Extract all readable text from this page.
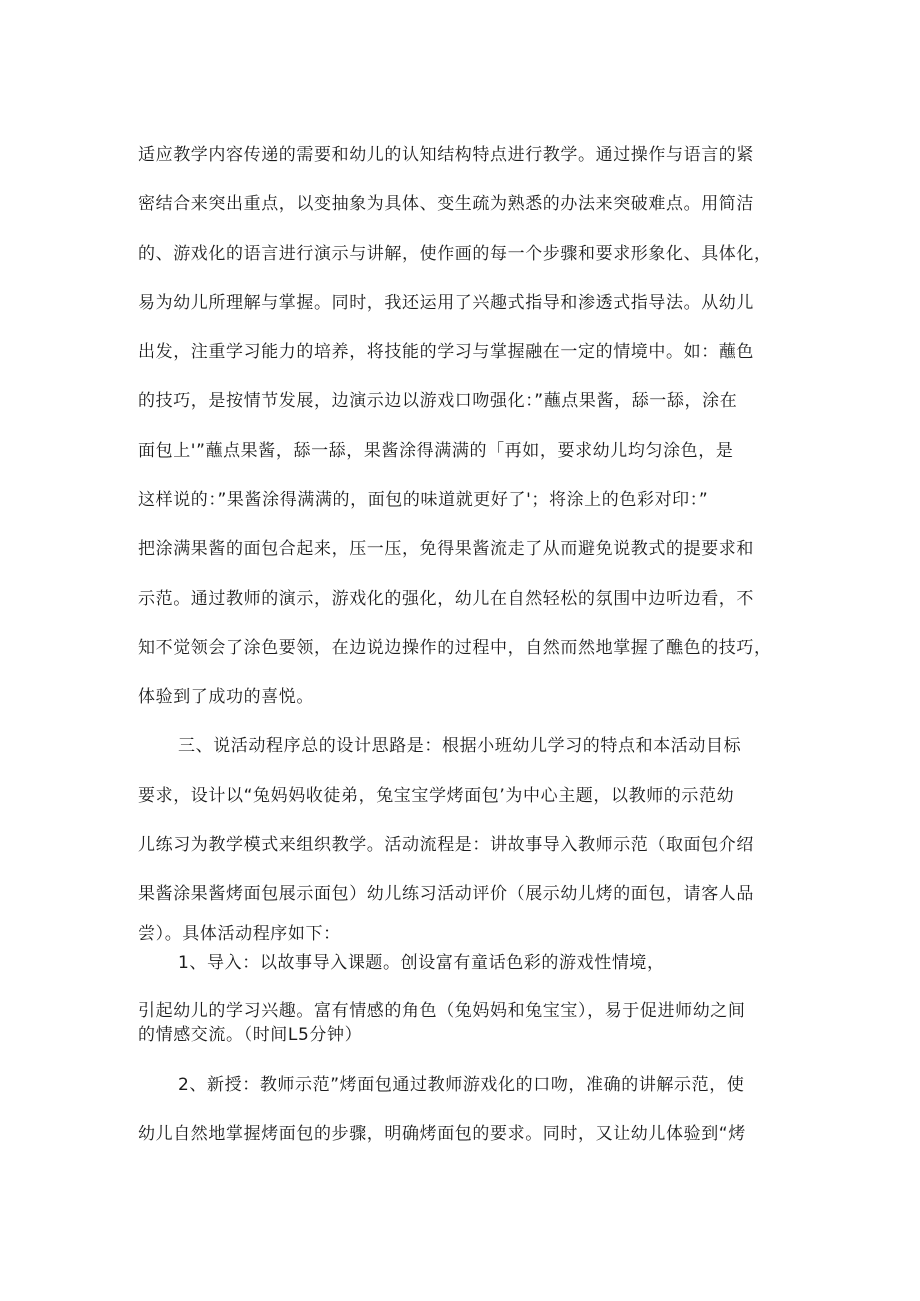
适应教学内容传递的需要和幼儿的认知结构特点进行教学。通过操作与语言的紧
密结合来突出重点，以变抽象为具体、变生疏为熟悉的办法来突破难点。用简洁
的、游戏化的语言进行演示与讲解，使作画的每一个步骤和要求形象化、具体化，
易为幼儿所理解与掌握。同时，我还运用了兴趣式指导和渗透式指导法。从幼儿
出发，注重学习能力的培养，将技能的学习与掌握融在一定的情境中。如：蘸色
的技巧，是按情节发展，边演示边以游戏口吻强化：”蘸点果酱，舔一舔，涂在
面包上'”蘸点果酱，舔一舔，果酱涂得满满的「再如，要求幼儿均匀涂色，是
这样说的：”果酱涂得满满的，面包的味道就更好了'；将涂上的色彩对印：”
把涂满果酱的面包合起来，压一压，免得果酱流走了从而避免说教式的提要求和
示范。通过教师的演示，游戏化的强化，幼儿在自然轻松的氛围中边听边看，不
知不觉领会了涂色要领，在边说边操作的过程中，自然而然地掌握了醮色的技巧，
体验到了成功的喜悦。
三、说活动程序总的设计思路是：根据小班幼儿学习的特点和本活动目标
要求，设计以“兔妈妈收徒弟，兔宝宝学烤面包’为中心主题，以教师的示范幼
儿练习为教学模式来组织教学。活动流程是：讲故事导入教师示范（取面包介绍
果酱涂果酱烤面包展示面包）幼儿练习活动评价（展示幼儿烤的面包，请客人品
尝）。具体活动程序如下：
1、导入：以故事导入课题。创设富有童话色彩的游戏性情境，
引起幼儿的学习兴趣。富有情感的角色（兔妈妈和兔宝宝），易于促进师幼之间
的情感交流。（时间L5分钟）
2、新授：教师示范”烤面包通过教师游戏化的口吻，准确的讲解示范，使
幼儿自然地掌握烤面包的步骤，明确烤面包的要求。同时，又让幼儿体验到“烤
